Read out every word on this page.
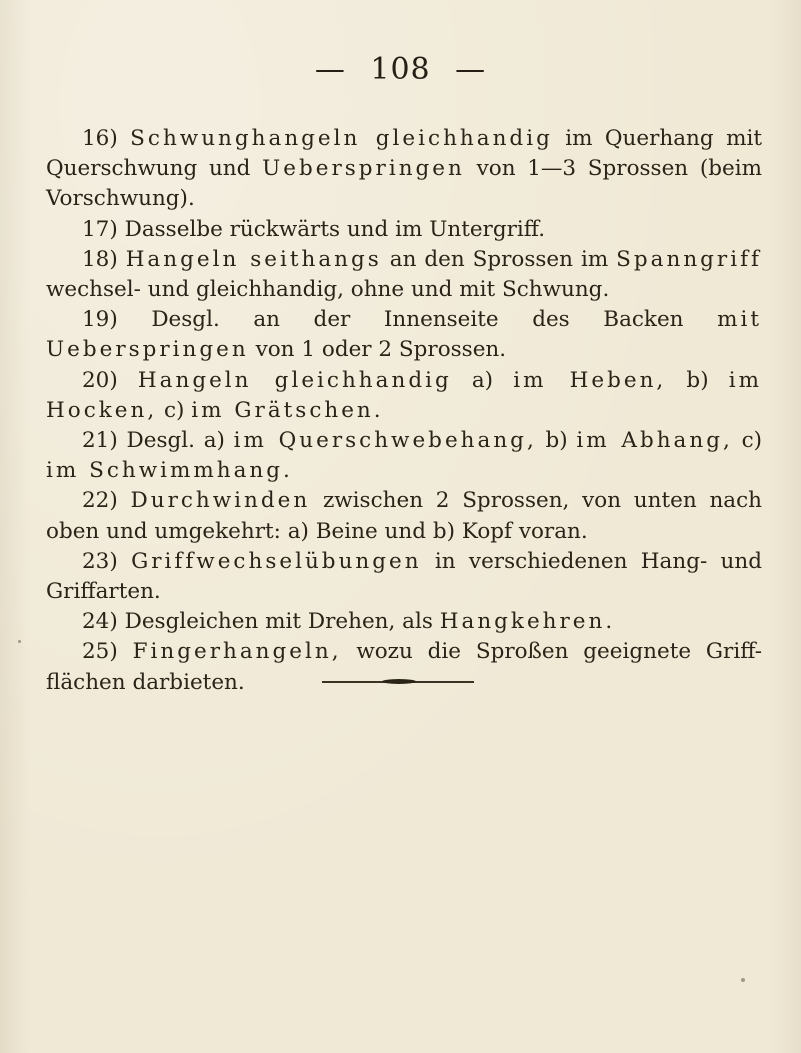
— 108 —

16) Schwunghangeln gleichhandig im Querhang mit Querschwung und Ueberspringen von 1—3 Sprossen (beim Vorschwung).

17) Dasselbe rückwärts und im Untergriff.

18) Hangeln seithangs an den Sprossen im Spanngriff wechsel- und gleichhandig, ohne und mit Schwung.

19) Desgl. an der Innenseite des Backen mit Ueberspringen von 1 oder 2 Sprossen.

20) Hangeln gleichhandig a) im Heben, b) im Hocken, c) im Grätschen.

21) Desgl. a) im Querschwebehang, b) im Abhang, c) im Schwimmhang.

22) Durchwinden zwischen 2 Sprossen, von unten nach oben und umgekehrt: a) Beine und b) Kopf voran.

23) Griffwechselübungen in verschiedenen Hang- und Griffarten.

24) Desgleichen mit Drehen, als Hangkehren.

25) Fingerhangeln, wozu die Sproßen geeignete Griff-flächen darbieten.
